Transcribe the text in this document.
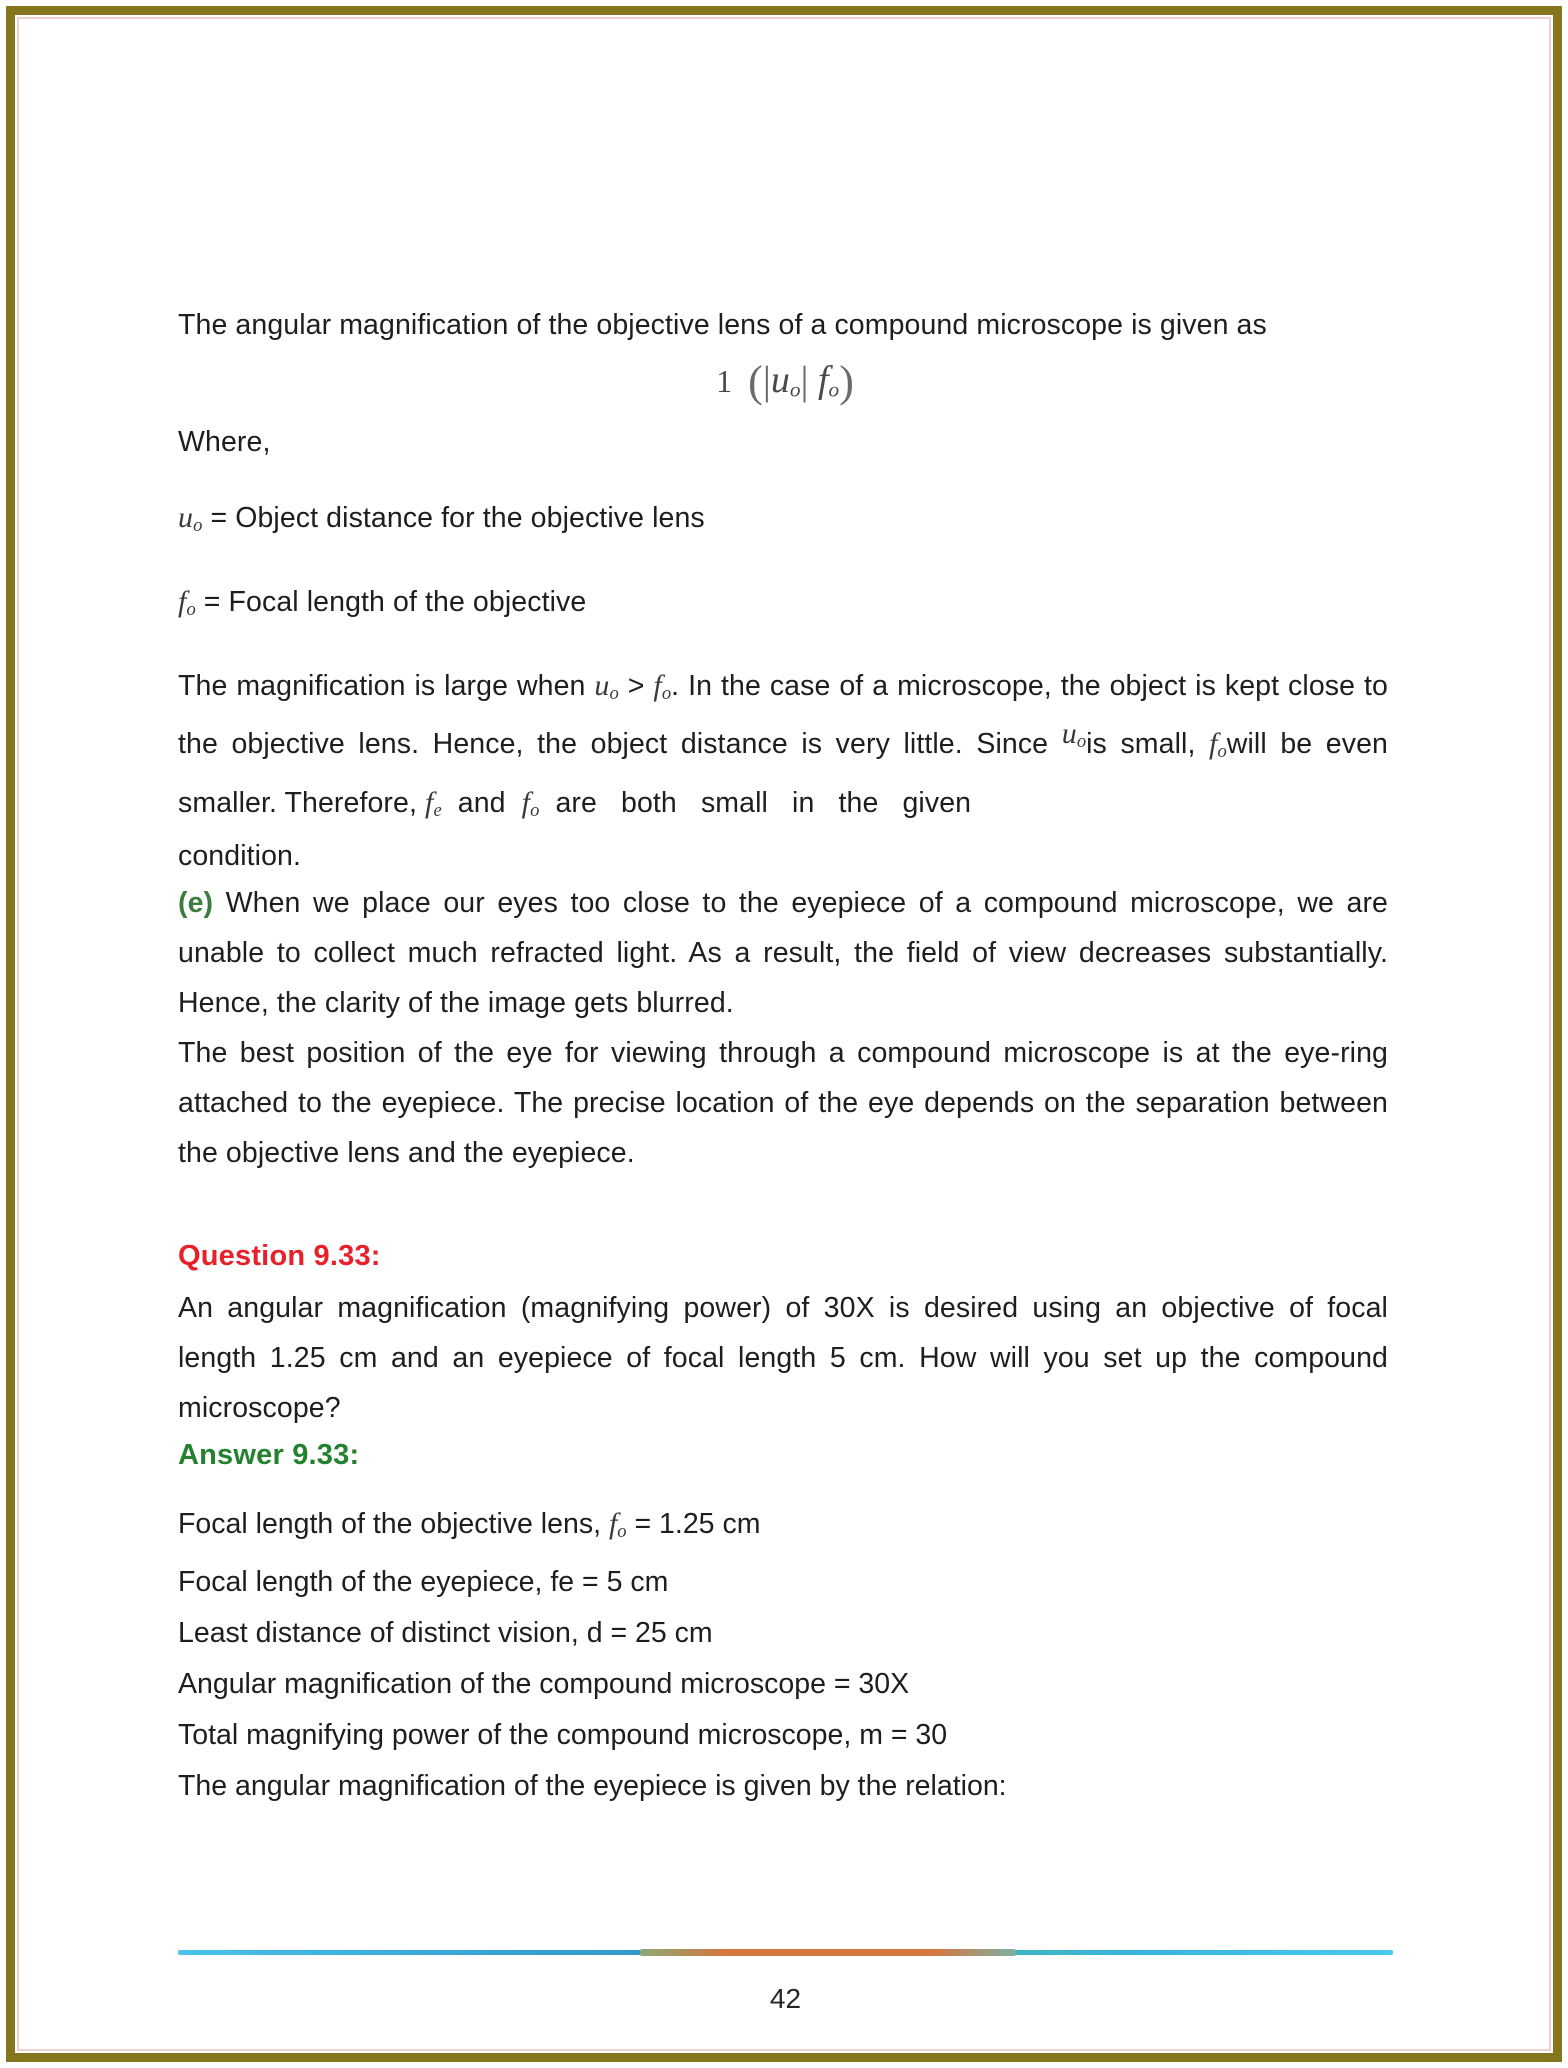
The angular magnification of the objective lens of a compound microscope is given as

1 ($|u_o|$ $f_o$)

Where,

$u_o$ = Object distance for the objective lens

$f_o$ = Focal length of the objective

The magnification is large when $u_o > f_o$. In the case of a microscope, the object is kept close to the objective lens. Hence, the object distance is very little. Since $u_ois$ small, $f_owill$ be even smaller. Therefore, $f_e$ and $f_o$ are both small in the given

condition.

(e) When we place our eyes too close to the eyepiece of a compound microscope, we are unable to collect much refracted light. As a result, the field of view decreases substantially. Hence, the clarity of the image gets blurred.

The best position of the eye for viewing through a compound microscope is at the eye-ring attached to the eyepiece. The precise location of the eye depends on the separation between the objective lens and the eyepiece.

Question 9.33:

An angular magnification (magnifying power) of 30X is desired using an objective of focal length 1.25 cm and an eyepiece of focal length 5 cm. How will you set up the compound microscope?

Answer 9.33:
Focal length of the objective lens, $f_o = 1.25$ cm
Focal length of the eyepiece, fe = 5 cm
Least distance of distinct vision, d = 25 cm
Angular magnification of the compound microscope = 30X
Total magnifying power of the compound microscope, m = 30
The angular magnification of the eyepiece is given by the relation:
42
